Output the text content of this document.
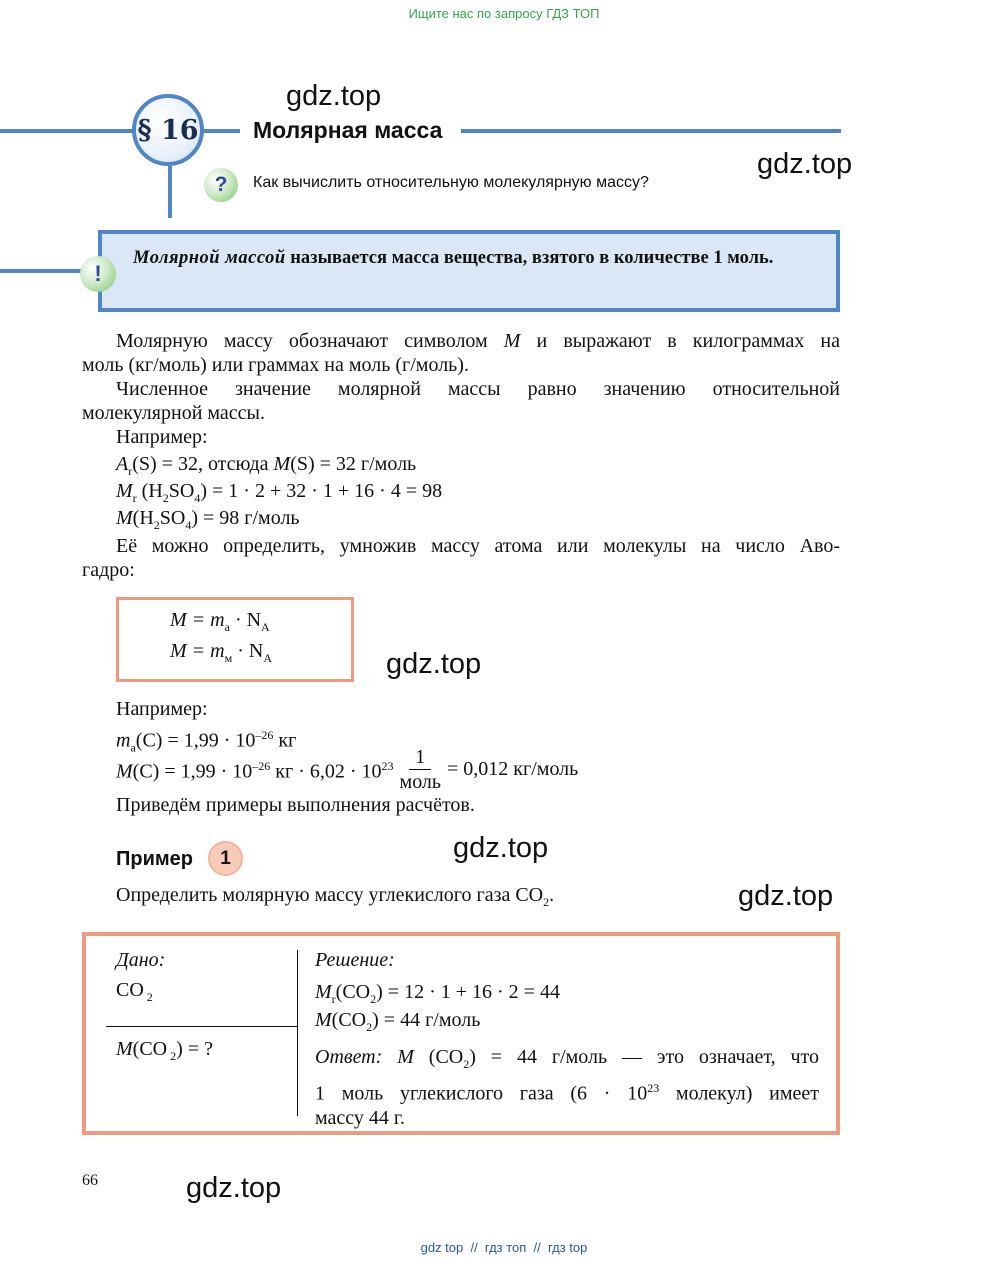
Ищите нас по запросу ГДЗ ТОП
§ 16 Молярная масса
? Как вычислить относительную молекулярную массу?
gdz.top
gdz.top
gdz.top
gdz.top
gdz.top
gdz.top
!
Молярной массой называется масса вещества, взятого в количестве 1 моль.
Молярную массу обозначают символом M и выражают в килограммах на
моль (кг/моль) или граммах на моль (г/моль).
Численное значение молярной массы равно значению относительной
молекулярной массы.
Например:
$A_r(S) = 32$, отсюда M(S) = 32 г/моль
$M_r$ $(H_2SO_4) = 1 \cdot 2 + 32 \cdot 1 + 16 \cdot 4 = 98$
$M(H_2SO_4) = 98$ г/моль
Её можно определить, умножив массу атома или молекулы на число Аво-
гадро:
$M = m_а \cdot N_A$
$M = m_м \cdot N_A$
Например:
$m_а(C) = 1,99 \cdot 10^{-26}$ кг
$M(C) = 1,99 \cdot 10^{-26}$ кг · $6,02 \cdot 10^{23} \frac{1}{\text{моль}} = 0,012$ кг/моль
Приведём примеры выполнения расчётов.
Пример 1
Определить молярную массу углекислого газа $CO_2$.
Дано:
CO $_2$
M(CO $_2$) = ?
Решение:
$M_r(CO_2) = 12 \cdot 1 + 16 \cdot 2 = 44$
$M(CO_2) = 44$ г/моль
Ответ: M $(CO_2) = 44$ г/моль — это означает, что
1 моль углекислого газа ($6 \cdot 10^{23}$ молекул) имеет
массу 44 г.
66
gdz top  //  гдз топ  //  гдз top
